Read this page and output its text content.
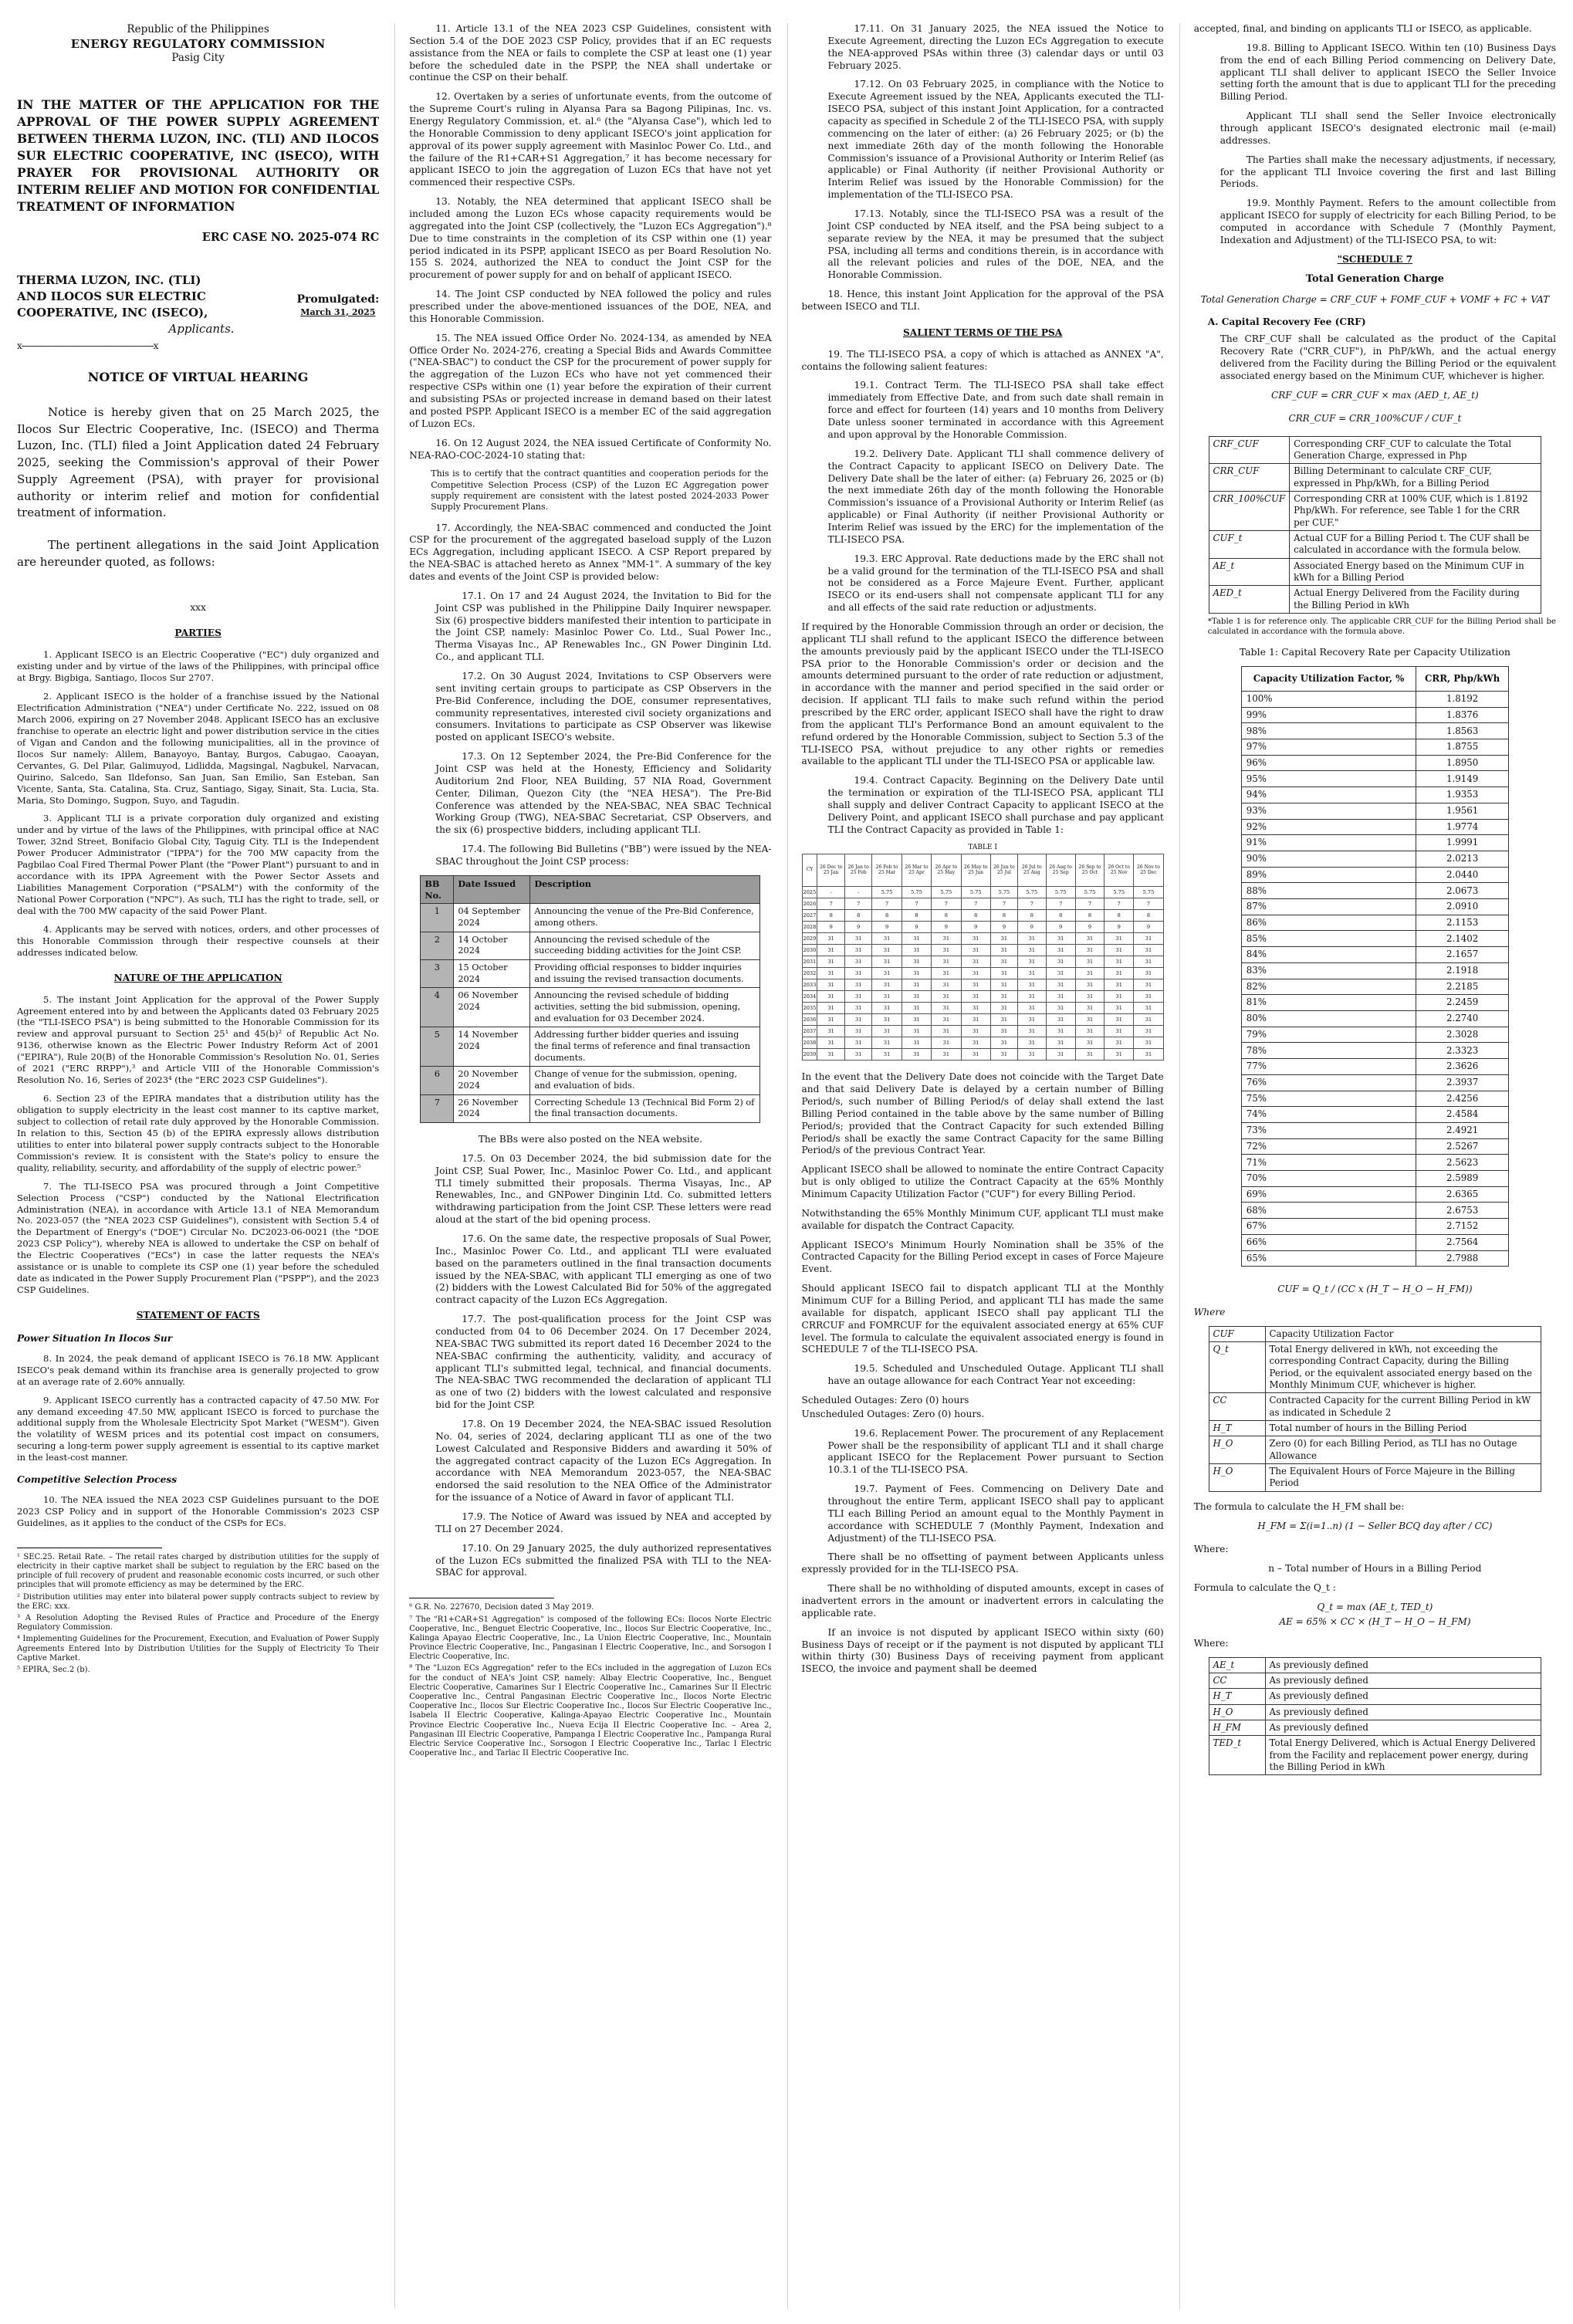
Republic of the Philippines

ENERGY REGULATORY COMMISSION

Pasig City

IN THE MATTER OF THE APPLICATION FOR THE APPROVAL OF THE POWER SUPPLY AGREEMENT BETWEEN THERMA LUZON, INC. (TLI) AND ILOCOS SUR ELECTRIC COOPERATIVE, INC (ISECO), WITH PRAYER FOR PROVISIONAL AUTHORITY OR INTERIM RELIEF AND MOTION FOR CONFIDENTIAL TREATMENT OF INFORMATION

ERC CASE NO. 2025-074 RC

THERMA LUZON, INC. (TLI)
AND ILOCOS SUR ELECTRIC
COOPERATIVE, INC (ISECO),
Applicants.
Promulgated:
March 31, 2025
x--------------------------------------------------------x

NOTICE OF VIRTUAL HEARING

Notice is hereby given that on 25 March 2025, the Ilocos Sur Electric Cooperative, Inc. (ISECO) and Therma Luzon, Inc. (TLI) filed a Joint Application dated 24 February 2025, seeking the Commission's approval of their Power Supply Agreement (PSA), with prayer for provisional authority or interim relief and motion for confidential treatment of information.

The pertinent allegations in the said Joint Application are hereunder quoted, as follows:

xxx

PARTIES

1. Applicant ISECO is an Electric Cooperative ("EC") duly organized and existing under and by virtue of the laws of the Philippines, with principal office at Brgy. Bigbiga, Santiago, Ilocos Sur 2707.

2. Applicant ISECO is the holder of a franchise issued by the National Electrification Administration ("NEA") under Certificate No. 222, issued on 08 March 2006, expiring on 27 November 2048. Applicant ISECO has an exclusive franchise to operate an electric light and power distribution service in the cities of Vigan and Candon and the following municipalities, all in the province of Ilocos Sur namely: Alilem, Banayoyo, Bantay, Burgos, Cabugao, Caoayan, Cervantes, G. Del Pilar, Galimuyod, Lidlidda, Magsingal, Nagbukel, Narvacan, Quirino, Salcedo, San Ildefonso, San Juan, San Emilio, San Esteban, San Vicente, Santa, Sta. Catalina, Sta. Cruz, Santiago, Sigay, Sinait, Sta. Lucia, Sta. Maria, Sto Domingo, Sugpon, Suyo, and Tagudin.

3. Applicant TLI is a private corporation duly organized and existing under and by virtue of the laws of the Philippines, with principal office at NAC Tower, 32nd Street, Bonifacio Global City, Taguig City. TLI is the Independent Power Producer Administrator ("IPPA") for the 700 MW capacity from the Pagbilao Coal Fired Thermal Power Plant (the "Power Plant") pursuant to and in accordance with its IPPA Agreement with the Power Sector Assets and Liabilities Management Corporation ("PSALM") with the conformity of the National Power Corporation ("NPC"). As such, TLI has the right to trade, sell, or deal with the 700 MW capacity of the said Power Plant.

4. Applicants may be served with notices, orders, and other processes of this Honorable Commission through their respective counsels at their addresses indicated below.

NATURE OF THE APPLICATION

5. The instant Joint Application for the approval of the Power Supply Agreement entered into by and between the Applicants dated 03 February 2025 (the "TLI-ISECO PSA") is being submitted to the Honorable Commission for its review and approval pursuant to Section 25¹ and 45(b)² of Republic Act No. 9136, otherwise known as the Electric Power Industry Reform Act of 2001 ("EPIRA"), Rule 20(B) of the Honorable Commission's Resolution No. 01, Series of 2021 ("ERC RRPP"),³ and Article VIII of the Honorable Commission's Resolution No. 16, Series of 2023⁴ (the "ERC 2023 CSP Guidelines").

6. Section 23 of the EPIRA mandates that a distribution utility has the obligation to supply electricity in the least cost manner to its captive market, subject to collection of retail rate duly approved by the Honorable Commission. In relation to this, Section 45 (b) of the EPIRA expressly allows distribution utilities to enter into bilateral power supply contracts subject to the Honorable Commission's review. It is consistent with the State's policy to ensure the quality, reliability, security, and affordability of the supply of electric power.⁵

7. The TLI-ISECO PSA was procured through a Joint Competitive Selection Process ("CSP") conducted by the National Electrification Administration (NEA), in accordance with Article 13.1 of NEA Memorandum No. 2023-057 (the "NEA 2023 CSP Guidelines"), consistent with Section 5.4 of the Department of Energy's ("DOE") Circular No. DC2023-06-0021 (the "DOE 2023 CSP Policy"), whereby NEA is allowed to undertake the CSP on behalf of the Electric Cooperatives ("ECs") in case the latter requests the NEA's assistance or is unable to complete its CSP one (1) year before the scheduled date as indicated in the Power Supply Procurement Plan ("PSPP"), and the 2023 CSP Guidelines.

STATEMENT OF FACTS

Power Situation In Ilocos Sur

8. In 2024, the peak demand of applicant ISECO is 76.18 MW. Applicant ISECO's peak demand within its franchise area is generally projected to grow at an average rate of 2.60% annually.

9. Applicant ISECO currently has a contracted capacity of 47.50 MW. For any demand exceeding 47.50 MW, applicant ISECO is forced to purchase the additional supply from the Wholesale Electricity Spot Market ("WESM"). Given the volatility of WESM prices and its potential cost impact on consumers, securing a long-term power supply agreement is essential to its captive market in the least-cost manner.

Competitive Selection Process

10. The NEA issued the NEA 2023 CSP Guidelines pursuant to the DOE 2023 CSP Policy and in support of the Honorable Commission's 2023 CSP Guidelines, as it applies to the conduct of the CSPs for ECs.

¹ SEC.25. Retail Rate. – The retail rates charged by distribution utilities for the supply of electricity in their captive market shall be subject to regulation by the ERC based on the principle of full recovery of prudent and reasonable economic costs incurred, or such other principles that will promote efficiency as may be determined by the ERC.

² Distribution utilities may enter into bilateral power supply contracts subject to review by the ERC: xxx.

³ A Resolution Adopting the Revised Rules of Practice and Procedure of the Energy Regulatory Commission.

⁴ Implementing Guidelines for the Procurement, Execution, and Evaluation of Power Supply Agreements Entered Into by Distribution Utilities for the Supply of Electricity To Their Captive Market.

⁵ EPIRA, Sec.2 (b).

11. Article 13.1 of the NEA 2023 CSP Guidelines, consistent with Section 5.4 of the DOE 2023 CSP Policy, provides that if an EC requests assistance from the NEA or fails to complete the CSP at least one (1) year before the scheduled date in the PSPP, the NEA shall undertake or continue the CSP on their behalf.

12. Overtaken by a series of unfortunate events, from the outcome of the Supreme Court's ruling in Alyansa Para sa Bagong Pilipinas, Inc. vs. Energy Regulatory Commission, et. al.⁶ (the "Alyansa Case"), which led to the Honorable Commission to deny applicant ISECO's joint application for approval of its power supply agreement with Masinloc Power Co. Ltd., and the failure of the R1+CAR+S1 Aggregation,⁷ it has become necessary for applicant ISECO to join the aggregation of Luzon ECs that have not yet commenced their respective CSPs.

13. Notably, the NEA determined that applicant ISECO shall be included among the Luzon ECs whose capacity requirements would be aggregated into the Joint CSP (collectively, the "Luzon ECs Aggregation").⁸ Due to time constraints in the completion of its CSP within one (1) year period indicated in its PSPP, applicant ISECO as per Board Resolution No. 155 S. 2024, authorized the NEA to conduct the Joint CSP for the procurement of power supply for and on behalf of applicant ISECO.

14. The Joint CSP conducted by NEA followed the policy and rules prescribed under the above-mentioned issuances of the DOE, NEA, and this Honorable Commission.

15. The NEA issued Office Order No. 2024-134, as amended by NEA Office Order No. 2024-276, creating a Special Bids and Awards Committee ("NEA-SBAC") to conduct the CSP for the procurement of power supply for the aggregation of the Luzon ECs who have not yet commenced their respective CSPs within one (1) year before the expiration of their current and subsisting PSAs or projected increase in demand based on their latest and posted PSPP. Applicant ISECO is a member EC of the said aggregation of Luzon ECs.

16. On 12 August 2024, the NEA issued Certificate of Conformity No. NEA-RAO-COC-2024-10 stating that:

This is to certify that the contract quantities and cooperation periods for the Competitive Selection Process (CSP) of the Luzon EC Aggregation power supply requirement are consistent with the latest posted 2024-2033 Power Supply Procurement Plans.

17. Accordingly, the NEA-SBAC commenced and conducted the Joint CSP for the procurement of the aggregated baseload supply of the Luzon ECs Aggregation, including applicant ISECO. A CSP Report prepared by the NEA-SBAC is attached hereto as Annex "MM-1". A summary of the key dates and events of the Joint CSP is provided below:

17.1. On 17 and 24 August 2024, the Invitation to Bid for the Joint CSP was published in the Philippine Daily Inquirer newspaper. Six (6) prospective bidders manifested their intention to participate in the Joint CSP, namely: Masinloc Power Co. Ltd., Sual Power Inc., Therma Visayas Inc., AP Renewables Inc., GN Power Dinginin Ltd. Co., and applicant TLI.

17.2. On 30 August 2024, Invitations to CSP Observers were sent inviting certain groups to participate as CSP Observers in the Pre-Bid Conference, including the DOE, consumer representatives, community representatives, interested civil society organizations and consumers. Invitations to participate as CSP Observer was likewise posted on applicant ISECO's website.

17.3. On 12 September 2024, the Pre-Bid Conference for the Joint CSP was held at the Honesty, Efficiency and Solidarity Auditorium 2nd Floor, NEA Building, 57 NIA Road, Government Center, Diliman, Quezon City (the "NEA HESA"). The Pre-Bid Conference was attended by the NEA-SBAC, NEA SBAC Technical Working Group (TWG), NEA-SBAC Secretariat, CSP Observers, and the six (6) prospective bidders, including applicant TLI.

17.4. The following Bid Bulletins ("BB") were issued by the NEA-SBAC throughout the Joint CSP process:

BB No.	Date Issued	Description
1	04 September 2024	Announcing the venue of the Pre-Bid Conference, among others.
2	14 October 2024	Announcing the revised schedule of the succeeding bidding activities for the Joint CSP.
3	15 October 2024	Providing official responses to bidder inquiries and issuing the revised transaction documents.
4	06 November 2024	Announcing the revised schedule of bidding activities, setting the bid submission, opening, and evaluation for 03 December 2024.
5	14 November 2024	Addressing further bidder queries and issuing the final terms of reference and final transaction documents.
6	20 November 2024	Change of venue for the submission, opening, and evaluation of bids.
7	26 November 2024	Correcting Schedule 13 (Technical Bid Form 2) of the final transaction documents.

The BBs were also posted on the NEA website.

17.5. On 03 December 2024, the bid submission date for the Joint CSP, Sual Power, Inc., Masinloc Power Co. Ltd., and applicant TLI timely submitted their proposals. Therma Visayas, Inc., AP Renewables, Inc., and GNPower Dinginin Ltd. Co. submitted letters withdrawing participation from the Joint CSP. These letters were read aloud at the start of the bid opening process.

17.6. On the same date, the respective proposals of Sual Power, Inc., Masinloc Power Co. Ltd., and applicant TLI were evaluated based on the parameters outlined in the final transaction documents issued by the NEA-SBAC, with applicant TLI emerging as one of two (2) bidders with the Lowest Calculated Bid for 50% of the aggregated contract capacity of the Luzon ECs Aggregation.

17.7. The post-qualification process for the Joint CSP was conducted from 04 to 06 December 2024. On 17 December 2024, NEA-SBAC TWG submitted its report dated 16 December 2024 to the NEA-SBAC confirming the authenticity, validity, and accuracy of applicant TLI's submitted legal, technical, and financial documents. The NEA-SBAC TWG recommended the declaration of applicant TLI as one of two (2) bidders with the lowest calculated and responsive bid for the Joint CSP.

17.8. On 19 December 2024, the NEA-SBAC issued Resolution No. 04, series of 2024, declaring applicant TLI as one of the two Lowest Calculated and Responsive Bidders and awarding it 50% of the aggregated contract capacity of the Luzon ECs Aggregation. In accordance with NEA Memorandum 2023-057, the NEA-SBAC endorsed the said resolution to the NEA Office of the Administrator for the issuance of a Notice of Award in favor of applicant TLI.

17.9. The Notice of Award was issued by NEA and accepted by TLI on 27 December 2024.

17.10. On 29 January 2025, the duly authorized representatives of the Luzon ECs submitted the finalized PSA with TLI to the NEA-SBAC for approval.

⁶ G.R. No. 227670, Decision dated 3 May 2019.

⁷ The "R1+CAR+S1 Aggregation" is composed of the following ECs: Ilocos Norte Electric Cooperative, Inc., Benguet Electric Cooperative, Inc., Ilocos Sur Electric Cooperative, Inc., Kalinga Apayao Electric Cooperative, Inc., La Union Electric Cooperative, Inc., Mountain Province Electric Cooperative, Inc., Pangasinan I Electric Cooperative, Inc., and Sorsogon I Electric Cooperative, Inc.

⁸ The "Luzon ECs Aggregation" refer to the ECs included in the aggregation of Luzon ECs for the conduct of NEA's Joint CSP, namely: Albay Electric Cooperative, Inc., Benguet Electric Cooperative, Camarines Sur I Electric Cooperative Inc., Camarines Sur II Electric Cooperative Inc., Central Pangasinan Electric Cooperative Inc., Ilocos Norte Electric Cooperative Inc., Ilocos Sur Electric Cooperative Inc., Ilocos Sur Electric Cooperative Inc., Isabela II Electric Cooperative, Kalinga-Apayao Electric Cooperative Inc., Mountain Province Electric Cooperative Inc., Nueva Ecija II Electric Cooperative Inc. – Area 2, Pangasinan III Electric Cooperative, Pampanga I Electric Cooperative Inc., Pampanga Rural Electric Service Cooperative Inc., Sorsogon I Electric Cooperative Inc., Tarlac I Electric Cooperative Inc., and Tarlac II Electric Cooperative Inc.

17.11. On 31 January 2025, the NEA issued the Notice to Execute Agreement, directing the Luzon ECs Aggregation to execute the NEA-approved PSAs within three (3) calendar days or until 03 February 2025.

17.12. On 03 February 2025, in compliance with the Notice to Execute Agreement issued by the NEA, Applicants executed the TLI-ISECO PSA, subject of this instant Joint Application, for a contracted capacity as specified in Schedule 2 of the TLI-ISECO PSA, with supply commencing on the later of either: (a) 26 February 2025; or (b) the next immediate 26th day of the month following the Honorable Commission's issuance of a Provisional Authority or Interim Relief (as applicable) or Final Authority (if neither Provisional Authority or Interim Relief was issued by the Honorable Commission) for the implementation of the TLI-ISECO PSA.

17.13. Notably, since the TLI-ISECO PSA was a result of the Joint CSP conducted by NEA itself, and the PSA being subject to a separate review by the NEA, it may be presumed that the subject PSA, including all terms and conditions therein, is in accordance with all the relevant policies and rules of the DOE, NEA, and the Honorable Commission.

18. Hence, this instant Joint Application for the approval of the PSA between ISECO and TLI.

SALIENT TERMS OF THE PSA

19. The TLI-ISECO PSA, a copy of which is attached as ANNEX "A", contains the following salient features:

19.1. Contract Term. The TLI-ISECO PSA shall take effect immediately from Effective Date, and from such date shall remain in force and effect for fourteen (14) years and 10 months from Delivery Date unless sooner terminated in accordance with this Agreement and upon approval by the Honorable Commission.

19.2. Delivery Date. Applicant TLI shall commence delivery of the Contract Capacity to applicant ISECO on Delivery Date. The Delivery Date shall be the later of either: (a) February 26, 2025 or (b) the next immediate 26th day of the month following the Honorable Commission's issuance of a Provisional Authority or Interim Relief (as applicable) or Final Authority (if neither Provisional Authority or Interim Relief was issued by the ERC) for the implementation of the TLI-ISECO PSA.

19.3. ERC Approval. Rate deductions made by the ERC shall not be a valid ground for the termination of the TLI-ISECO PSA and shall not be considered as a Force Majeure Event. Further, applicant ISECO or its end-users shall not compensate applicant TLI for any and all effects of the said rate reduction or adjustments.

If required by the Honorable Commission through an order or decision, the applicant TLI shall refund to the applicant ISECO the difference between the amounts previously paid by the applicant ISECO under the TLI-ISECO PSA prior to the Honorable Commission's order or decision and the amounts determined pursuant to the order of rate reduction or adjustment, in accordance with the manner and period specified in the said order or decision. If applicant TLI fails to make such refund within the period prescribed by the ERC order, applicant ISECO shall have the right to draw from the applicant TLI's Performance Bond an amount equivalent to the refund ordered by the Honorable Commission, subject to Section 5.3 of the TLI-ISECO PSA, without prejudice to any other rights or remedies available to the applicant TLI under the TLI-ISECO PSA or applicable law.

19.4. Contract Capacity. Beginning on the Delivery Date until the termination or expiration of the TLI-ISECO PSA, applicant TLI shall supply and deliver Contract Capacity to applicant ISECO at the Delivery Point, and applicant ISECO shall purchase and pay applicant TLI the Contract Capacity as provided in Table 1:

TABLE I
CY	26 Dec to 25 Jan	26 Jan to 25 Feb	26 Feb to 25 Mar	26 Mar to 25 Apr	26 Apr to 25 May	26 May to 25 Jun	26 Jun to 25 Jul	26 Jul to 25 Aug	26 Aug to 25 Sep	26 Sep to 25 Oct	26 Oct to 25 Nov	26 Nov to 25 Dec
2025	-	-	5.75	5.75	5.75	5.75	5.75	5.75	5.75	5.75	5.75	5.75
2026	7	7	7	7	7	7	7	7	7	7	7	7
2027	8	8	8	8	8	8	8	8	8	8	8	8
2028	9	9	9	9	9	9	9	9	9	9	9	9
2029	31	31	31	31	31	31	31	31	31	31	31	31
2030	31	31	31	31	31	31	31	31	31	31	31	31
2031	31	31	31	31	31	31	31	31	31	31	31	31
2032	31	31	31	31	31	31	31	31	31	31	31	31
2033	31	31	31	31	31	31	31	31	31	31	31	31
2034	31	31	31	31	31	31	31	31	31	31	31	31
2035	31	31	31	31	31	31	31	31	31	31	31	31
2036	31	31	31	31	31	31	31	31	31	31	31	31
2037	31	31	31	31	31	31	31	31	31	31	31	31
2038	31	31	31	31	31	31	31	31	31	31	31	31
2039	31	31	31	31	31	31	31	31	31	31	31	31

In the event that the Delivery Date does not coincide with the Target Date and that said Delivery Date is delayed by a certain number of Billing Period/s, such number of Billing Period/s of delay shall extend the last Billing Period contained in the table above by the same number of Billing Period/s; provided that the Contract Capacity for such extended Billing Period/s shall be exactly the same Contract Capacity for the same Billing Period/s of the previous Contract Year.

Applicant ISECO shall be allowed to nominate the entire Contract Capacity but is only obliged to utilize the Contract Capacity at the 65% Monthly Minimum Capacity Utilization Factor ("CUF") for every Billing Period.

Notwithstanding the 65% Monthly Minimum CUF, applicant TLI must make available for dispatch the Contract Capacity.

Applicant ISECO's Minimum Hourly Nomination shall be 35% of the Contracted Capacity for the Billing Period except in cases of Force Majeure Event.

Should applicant ISECO fail to dispatch applicant TLI at the Monthly Minimum CUF for a Billing Period, and applicant TLI has made the same available for dispatch, applicant ISECO shall pay applicant TLI the CRRCUF and FOMRCUF for the equivalent associated energy at 65% CUF level. The formula to calculate the equivalent associated energy is found in SCHEDULE 7 of the TLI-ISECO PSA.

19.5. Scheduled and Unscheduled Outage. Applicant TLI shall have an outage allowance for each Contract Year not exceeding:

Scheduled Outages: Zero (0) hours

Unscheduled Outages: Zero (0) hours.

19.6. Replacement Power. The procurement of any Replacement Power shall be the responsibility of applicant TLI and it shall charge applicant ISECO for the Replacement Power pursuant to Section 10.3.1 of the TLI-ISECO PSA.

19.7. Payment of Fees. Commencing on Delivery Date and throughout the entire Term, applicant ISECO shall pay to applicant TLI each Billing Period an amount equal to the Monthly Payment in accordance with SCHEDULE 7 (Monthly Payment, Indexation and Adjustment) of the TLI-ISECO PSA.

There shall be no offsetting of payment between Applicants unless expressly provided for in the TLI-ISECO PSA.

There shall be no withholding of disputed amounts, except in cases of inadvertent errors in the amount or inadvertent errors in calculating the applicable rate.

If an invoice is not disputed by applicant ISECO within sixty (60) Business Days of receipt or if the payment is not disputed by applicant TLI within thirty (30) Business Days of receiving payment from applicant ISECO, the invoice and payment shall be deemed

accepted, final, and binding on applicants TLI or ISECO, as applicable.

19.8. Billing to Applicant ISECO. Within ten (10) Business Days from the end of each Billing Period commencing on Delivery Date, applicant TLI shall deliver to applicant ISECO the Seller Invoice setting forth the amount that is due to applicant TLI for the preceding Billing Period.

Applicant TLI shall send the Seller Invoice electronically through applicant ISECO's designated electronic mail (e-mail) addresses.

The Parties shall make the necessary adjustments, if necessary, for the applicant TLI Invoice covering the first and last Billing Periods.

19.9. Monthly Payment. Refers to the amount collectible from applicant ISECO for supply of electricity for each Billing Period, to be computed in accordance with Schedule 7 (Monthly Payment, Indexation and Adjustment) of the TLI-ISECO PSA, to wit:

"SCHEDULE 7

Total Generation Charge

Total Generation Charge = CRF_CUF + FOMF_CUF + VOMF + FC + VAT

A. Capital Recovery Fee (CRF)

The CRF_CUF shall be calculated as the product of the Capital Recovery Rate ("CRR_CUF"), in PhP/kWh, and the actual energy delivered from the Facility during the Billing Period or the equivalent associated energy based on the Minimum CUF, whichever is higher.

CRF_CUF = CRR_CUF × max (AED_t, AE_t)

CRR_CUF = CRR_100%CUF / CUF_t

CRF_CUF	Corresponding CRF_CUF to calculate the Total Generation Charge, expressed in Php
CRR_CUF	Billing Determinant to calculate CRF_CUF, expressed in Php/kWh, for a Billing Period
CRR_100%CUF	Corresponding CRR at 100% CUF, which is 1.8192 Php/kWh. For reference, see Table 1 for the CRR per CUF."
CUF_t	Actual CUF for a Billing Period t. The CUF shall be calculated in accordance with the formula below.
AE_t	Associated Energy based on the Minimum CUF in kWh for a Billing Period
AED_t	Actual Energy Delivered from the Facility during the Billing Period in kWh

*Table 1 is for reference only. The applicable CRR_CUF for the Billing Period shall be calculated in accordance with the formula above.

Table 1: Capital Recovery Rate per Capacity Utilization

Capacity Utilization Factor, %	CRR, Php/kWh
100%	1.8192
99%	1.8376
98%	1.8563
97%	1.8755
96%	1.8950
95%	1.9149
94%	1.9353
93%	1.9561
92%	1.9774
91%	1.9991
90%	2.0213
89%	2.0440
88%	2.0673
87%	2.0910
86%	2.1153
85%	2.1402
84%	2.1657
83%	2.1918
82%	2.2185
81%	2.2459
80%	2.2740
79%	2.3028
78%	2.3323
77%	2.3626
76%	2.3937
75%	2.4256
74%	2.4584
73%	2.4921
72%	2.5267
71%	2.5623
70%	2.5989
69%	2.6365
68%	2.6753
67%	2.7152
66%	2.7564
65%	2.7988

CUF = Q_t / (CC x (H_T − H_O − H_FM))

Where

CUF	Capacity Utilization Factor
Q_t	Total Energy delivered in kWh, not exceeding the corresponding Contract Capacity, during the Billing Period, or the equivalent associated energy based on the Monthly Minimum CUF, whichever is higher.
CC	Contracted Capacity for the current Billing Period in kW as indicated in Schedule 2
H_T	Total number of hours in the Billing Period
H_O	Zero (0) for each Billing Period, as TLI has no Outage Allowance
H_O	The Equivalent Hours of Force Majeure in the Billing Period

The formula to calculate the H_FM shall be:

H_FM = Σ(i=1..n) (1 − Seller BCQ day after / CC)

Where:

n – Total number of Hours in a Billing Period

Formula to calculate the Q_t :

Q_t = max (AE_t, TED_t)

AE = 65% × CC × (H_T − H_O − H_FM)

Where:

AE_t	As previously defined
CC	As previously defined
H_T	As previously defined
H_O	As previously defined
H_FM	As previously defined
TED_t	Total Energy Delivered, which is Actual Energy Delivered from the Facility and replacement power energy, during the Billing Period in kWh
